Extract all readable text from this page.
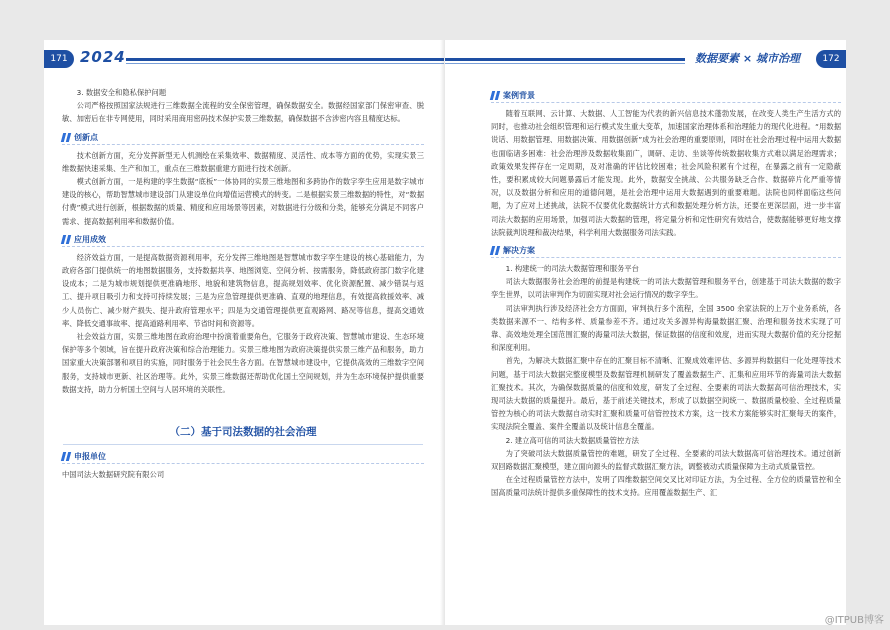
171 2024
3. 数据安全和隐私保护问题

公司严格按照国家法规进行三维数据全流程的安全保密管理，确保数据安全。数据经国家部门保密审查、脱敏、加密后在非专网使用，同时采用商用密码技术保护实景三维数据，确保数据不含涉密内容且精度达标。

创新点

技术创新方面，充分发挥新型无人机测绘在采集效率、数据精度、灵活性、成本等方面的优势，实现实景三维数据快速采集、生产和加工，重点在三维数据重建方面进行技术创新。

模式创新方面，一是构建的孪生数据“底板”一体协同的实景三维地图和多跨协作的数字孪生应用是数字城市建设的核心，帮助智慧城市建设部门从建设单位向增值运营模式的转变。二是根据实景三维数据的特性，对“数据付费”模式进行创新，根据数据的质量、精度和应用场景等因素，对数据进行分级和分类，能够充分满足不同客户需求、提高数据利用率和数据价值。

应用成效

经济效益方面，一是提高数据资源利用率，充分发挥三维地图是智慧城市数字孪生建设的核心基础能力，为政府各部门提供统一的地图数据服务，支持数据共享、地图浏览、空间分析、按需服务，降低政府部门数字化建设成本；二是为城市规划提供更准确地形、地貌和建筑物信息，提高规划效率、优化资源配置、减少错误与返工、提升项目吸引力和支持可持续发展；三是为应急管理提供更准确、直观的地理信息，有效提高救援效率、减少人员伤亡、减少财产损失、提升政府管理水平；四是为交通管理提供更直观路网、路况等信息，提高交通效率、降低交通事故率、提高道路利用率、节省时间和资源等。

社会效益方面，实景三维地图在政府治理中扮演着重要角色，它服务于政府决策、智慧城市建设、生态环境保护等多个领域，旨在提升政府决策和综合治理能力。实景三维地图为政府决策提供实景三维产品和服务，助力国家重大决策部署和项目的实施，同时服务于社会民生各方面。在智慧城市建设中，它提供高效的三维数字空间服务，支持城市更新、社区治理等。此外，实景三维数据还帮助优化国土空间规划，并为生态环境保护提供重要数据支持，助力分析国土空间与人居环境的关联性。

（二）基于司法数据的社会治理
申报单位
中国司法大数据研究院有限公司
数据要素 × 城市治理	172
案例背景

随着互联网、云计算、大数据、人工智能为代表的新兴信息技术蓬勃发展，在改变人类生产生活方式的同时，也推动社会组织管理和运行模式发生重大变革，加速国家治理体系和治理能力的现代化进程。“用数据说话、用数据管理、用数据决策、用数据创新”成为社会治理的重要原则，同时在社会治理过程中运用大数据也面临诸多困难：社会治理涉及数据收集面广，调研、走访、坐谈等传统数据收集方式难以满足治理需求；政策效果发挥存在一定周期，及对准确的评估比较困难；社会风险积累有个过程，在暴露之前有一定隐蔽性，要积累成较大问题暴露后才能发现。此外，数据安全挑战、公共服务缺乏合作、数据碎片化严重等情况，以及数据分析和应用的道德问题，是社会治理中运用大数据遇到的重要难题。法院也同样面临这些问题，为了应对上述挑战，法院不仅要优化数据统计方式和数据处理分析方法，还要在更深层面，进一步丰富司法大数据的应用场景，加强司法大数据的管理，将定量分析和定性研究有效结合，使数据能够更好地支撑法院裁判说理和裁决结果，科学利用大数据服务司法实践。

解决方案
1. 构建统一的司法大数据管理和服务平台

司法大数据服务社会治理的前提是构建统一的司法大数据管理和服务平台，创建基于司法大数据的数字孪生世界，以司法审判作为切面实现对社会运行情况的数字孪生。

司法审判执行涉及经济社会方方面面，审判执行多个流程，全国 3500 余家法院的上万个业务系统，各类数据来源不一、结构多样、质量参差不齐。通过攻关多源异构海量数据汇聚、治理和服务技术实现了可靠、高效地处理全国范围汇聚的海量司法大数据，保证数据的信度和效度，进而实现大数据价值的充分挖掘和深度利用。

首先，为解决大数据汇聚中存在的汇聚目标不清晰、汇聚成效难评估、多源异构数据归一化处理等技术问题，基于司法大数据完整度模型及数据管理机制研发了覆盖数据生产、汇集和应用环节的海量司法大数据汇聚技术。其次，为确保数据质量的信度和效度，研发了全过程、全要素的司法大数据高可信治理技术，实现司法大数据的质量提升。最后，基于前述关键技术，形成了以数据空间统一、数据质量校验、全过程质量管控为核心的司法大数据自动实时汇聚和质量可信管控技术方案，这一技术方案能够实时汇聚每天的案件，实现法院全覆盖、案件全覆盖以及统计信息全覆盖。

2. 建立高可信的司法大数据质量管控方法

为了突破司法大数据质量管控的难题，研发了全过程、全要素的司法大数据高可信治理技术。通过创新双回路数据汇聚模型，建立面向源头的监督式数据汇聚方法，调整被动式质量保障为主动式质量管控。

在全过程质量管控方法中，发明了四维数据空间交叉比对印证方法，为全过程、全方位的质量管控和全国高质量司法统计提供多重保障性的技术支持。应用覆盖数据生产、汇

@ITPUB博客
